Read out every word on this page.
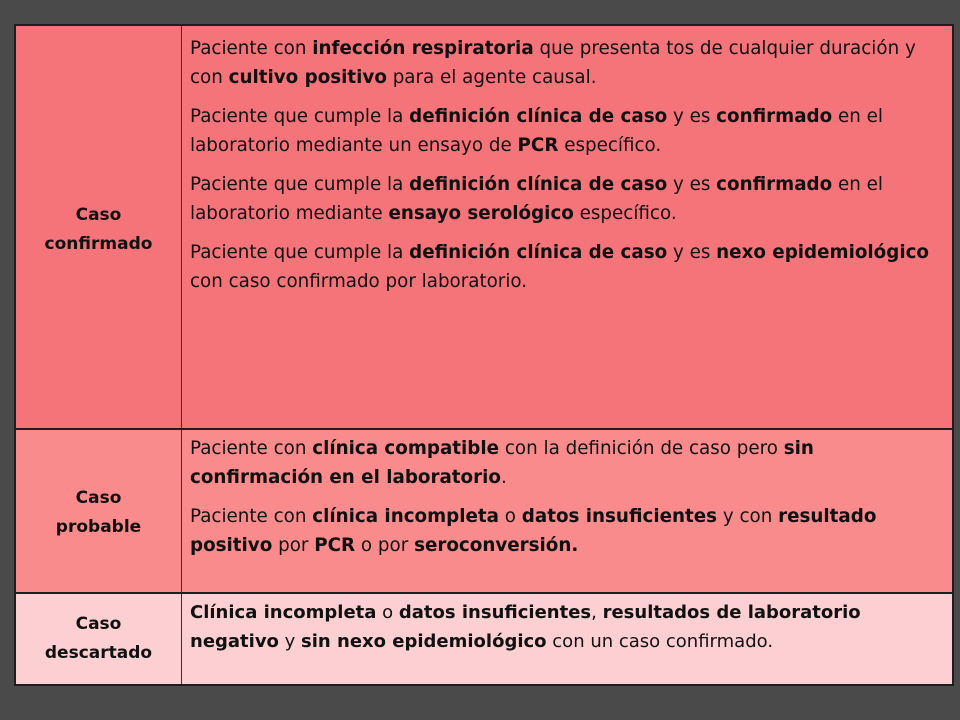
Caso
confirmado

Paciente con infección respiratoria que presenta tos de cualquier duración y con cultivo positivo para el agente causal.

Paciente que cumple la definición clínica de caso y es confirmado en el laboratorio mediante un ensayo de PCR específico.

Paciente que cumple la definición clínica de caso y es confirmado en el laboratorio mediante ensayo serológico específico.

Paciente que cumple la definición clínica de caso y es nexo epidemiológico con caso confirmado por laboratorio.

Caso
probable

Paciente con clínica compatible con la definición de caso pero sin confirmación en el laboratorio.

Paciente con clínica incompleta o datos insuficientes y con resultado positivo por PCR o por seroconversión.

Caso
descartado

Clínica incompleta o datos insuficientes, resultados de laboratorio negativo y sin nexo epidemiológico con un caso confirmado.
